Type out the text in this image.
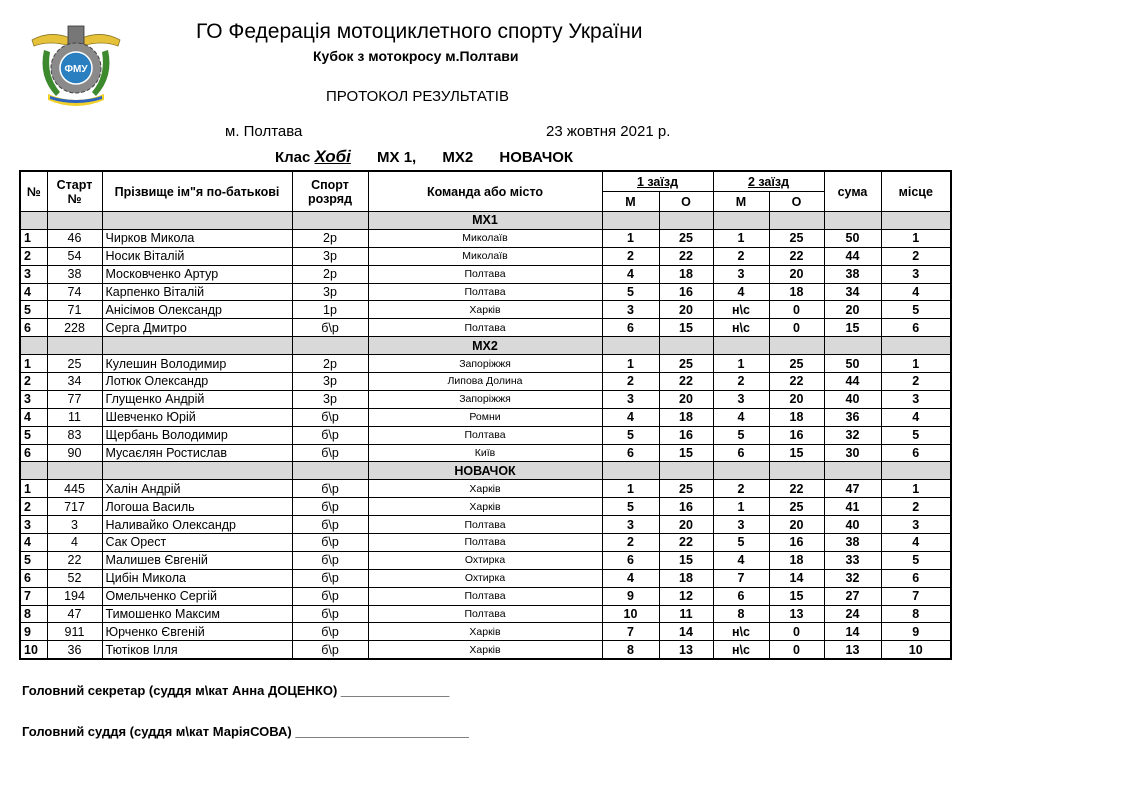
ФМУ
ГО Федерація мотоциклетного спорту України
Кубок з мотокросу м.Полтави
ПРОТОКОЛ РЕЗУЛЬТАТІВ
м. Полтава	23 жовтня 2021 р.
Клас Хобі МХ 1, МХ2 НОВАЧОК
№	Старт №	Прізвище ім"я по-батькові	Спорт розряд	Команда або місто	1 заїзд		2 заїзд		сума	місце
					М	О	М	О		
				МХ1						
1	46	Чирков Микола	2р	Миколаїв	1	25	1	25	50	1
2	54	Носик Віталій	3р	Миколаїв	2	22	2	22	44	2
3	38	Московченко Артур	2р	Полтава	4	18	3	20	38	3
4	74	Карпенко Віталій	3р	Полтава	5	16	4	18	34	4
5	71	Анісімов Олександр	1р	Харків	3	20	н\с	0	20	5
6	228	Серга Дмитро	б\р	Полтава	6	15	н\с	0	15	6
				МХ2						
1	25	Кулешин Володимир	2р	Запоріжжя	1	25	1	25	50	1
2	34	Лотюк Олександр	3р	Липова Долина	2	22	2	22	44	2
3	77	Глущенко Андрій	3р	Запоріжжя	3	20	3	20	40	3
4	11	Шевченко Юрій	б\р	Ромни	4	18	4	18	36	4
5	83	Щербань Володимир	б\р	Полтава	5	16	5	16	32	5
6	90	Мусаєлян Ростислав	б\р	Київ	6	15	6	15	30	6
				НОВАЧОК						
1	445	Халін Андрій	б\р	Харків	1	25	2	22	47	1
2	717	Логоша Василь	б\р	Харків	5	16	1	25	41	2
3	3	Наливайко Олександр	б\р	Полтава	3	20	3	20	40	3
4	4	Сак Орест	б\р	Полтава	2	22	5	16	38	4
5	22	Малишев Євгеній	б\р	Охтирка	6	15	4	18	33	5
6	52	Цибін Микола	б\р	Охтирка	4	18	7	14	32	6
7	194	Омельченко Сергій	б\р	Полтава	9	12	6	15	27	7
8	47	Тимошенко Максим	б\р	Полтава	10	11	8	13	24	8
9	911	Юрченко Євгеній	б\р	Харків	7	14	н\с	0	14	9
10	36	Тютіков Ілля	б\р	Харків	8	13	н\с	0	13	10
Головний секретар (суддя м\кат Анна ДОЦЕНКО) _______________
Головний суддя (суддя м\кат МаріяСОВА) ________________________
